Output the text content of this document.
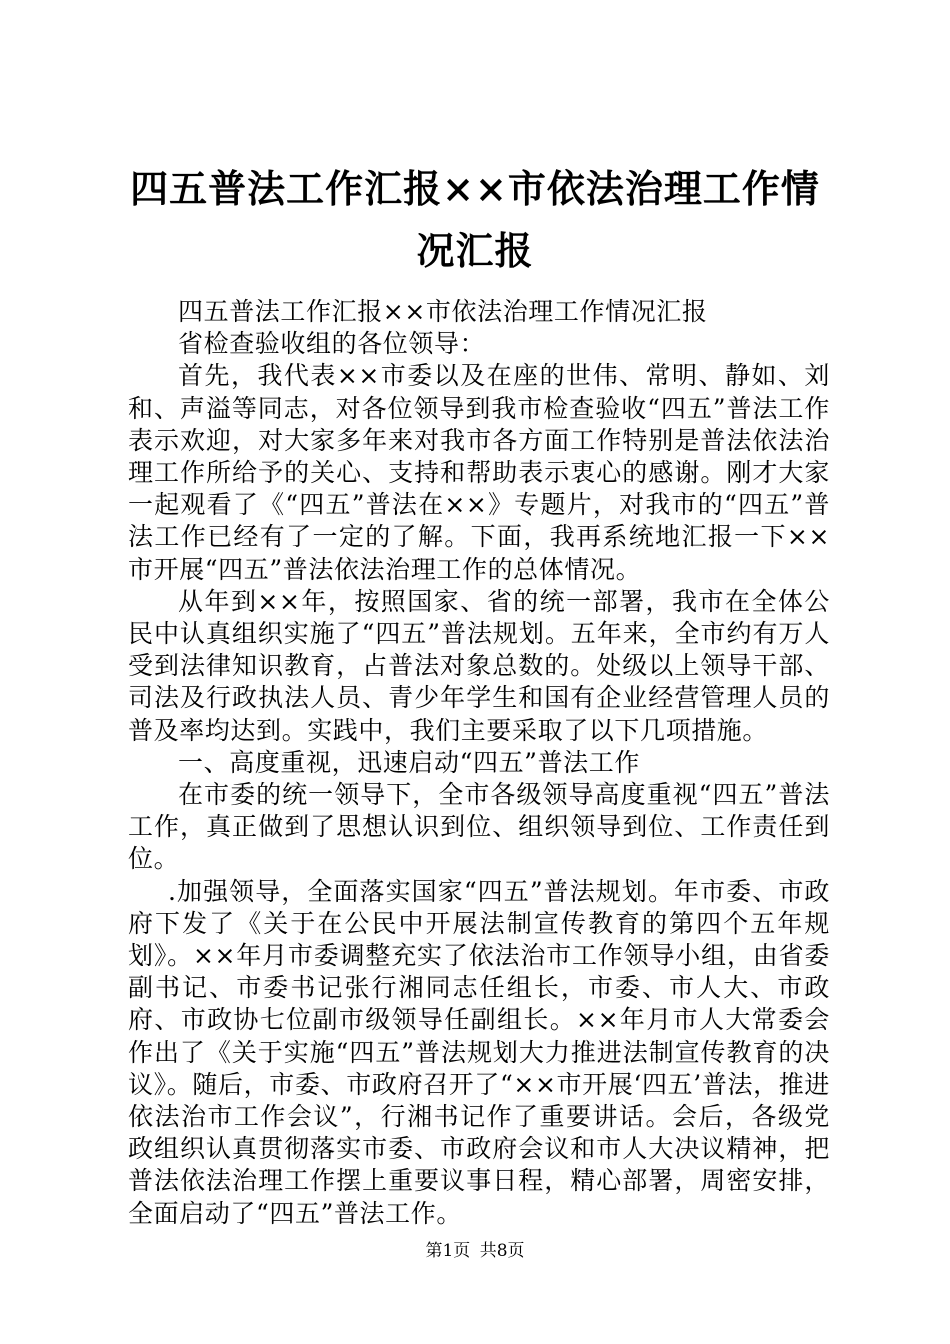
四五普法工作汇报××市依法治理工作情况汇报

四五普法工作汇报××市依法治理工作情况汇报

省检查验收组的各位领导：

首先，我代表××市委以及在座的世伟、常明、静如、刘和、声溢等同志，对各位领导到我市检查验收“四五”普法工作表示欢迎，对大家多年来对我市各方面工作特别是普法依法治理工作所给予的关心、支持和帮助表示衷心的感谢。刚才大家一起观看了《“四五”普法在××》专题片，对我市的“四五”普法工作已经有了一定的了解。下面，我再系统地汇报一下××市开展“四五”普法依法治理工作的总体情况。

从年到××年，按照国家、省的统一部署，我市在全体公民中认真组织实施了“四五”普法规划。五年来，全市约有万人受到法律知识教育，占普法对象总数的。处级以上领导干部、司法及行政执法人员、青少年学生和国有企业经营管理人员的普及率均达到。实践中，我们主要采取了以下几项措施。

一、高度重视，迅速启动“四五”普法工作

在市委的统一领导下，全市各级领导高度重视“四五”普法工作，真正做到了思想认识到位、组织领导到位、工作责任到位。

.加强领导，全面落实国家“四五”普法规划。年市委、市政府下发了《关于在公民中开展法制宣传教育的第四个五年规划》。××年月市委调整充实了依法治市工作领导小组，由省委副书记、市委书记张行湘同志任组长，市委、市人大、市政府、市政协七位副市级领导任副组长。××年月市人大常委会作出了《关于实施“四五”普法规划大力推进法制宣传教育的决议》。随后，市委、市政府召开了“××市开展‘四五’普法，推进依法治市工作会议”，行湘书记作了重要讲话。会后，各级党政组织认真贯彻落实市委、市政府会议和市人大决议精神，把普法依法治理工作摆上重要议事日程，精心部署，周密安排，全面启动了“四五”普法工作。

第1页 共8页
